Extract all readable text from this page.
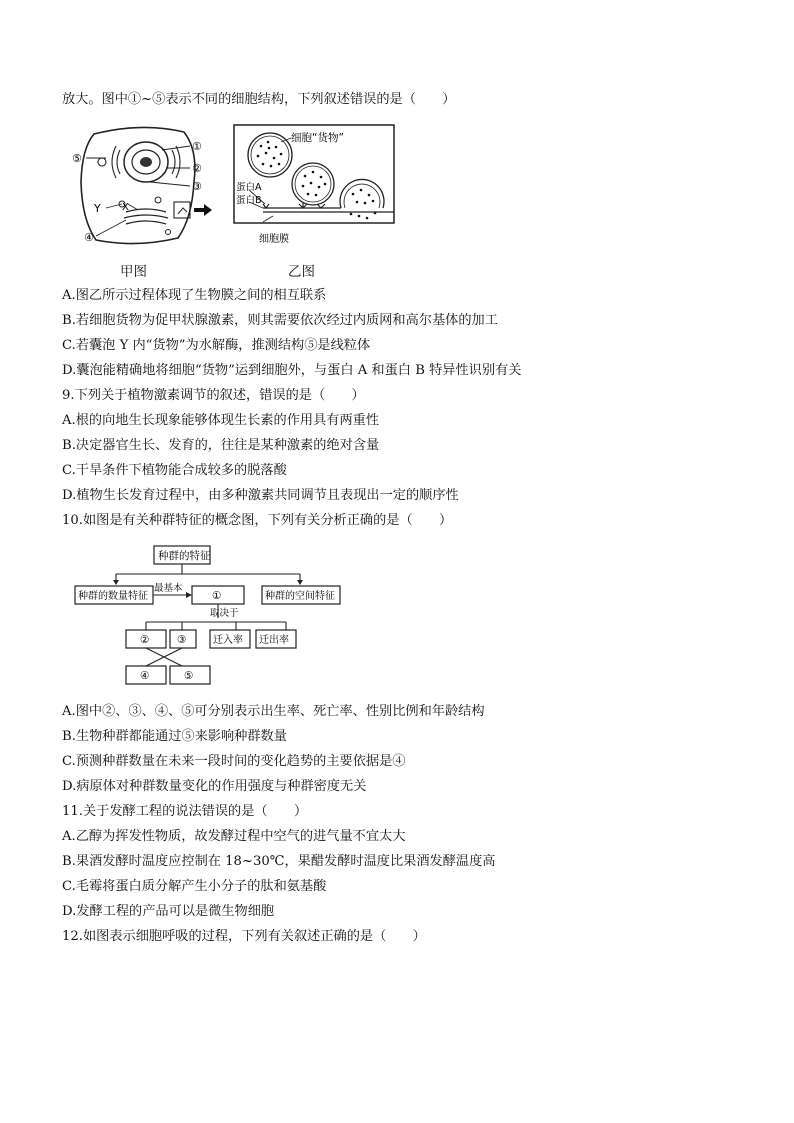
放大。图中①~⑤表示不同的细胞结构，下列叙述错误的是（　　）
①
②
③
④
⑤
Y X
甲图
细胞“货物”
蛋白A
蛋白B
细胞膜
乙图
A.图乙所示过程体现了生物膜之间的相互联系
B.若细胞货物为促甲状腺激素，则其需要依次经过内质网和高尔基体的加工
C.若囊泡 Y 内“货物”为水解酶，推测结构⑤是线粒体
D.囊泡能精确地将细胞“货物”运到细胞外，与蛋白 A 和蛋白 B 特异性识别有关
9.下列关于植物激素调节的叙述，错误的是（　　）
A.根的向地生长现象能够体现生长素的作用具有两重性
B.决定器官生长、发育的，往往是某种激素的绝对含量
C.干旱条件下植物能合成较多的脱落酸
D.植物生长发育过程中，由多种激素共同调节且表现出一定的顺序性
10.如图是有关种群特征的概念图，下列有关分析正确的是（　　）
种群的特征
种群的数量特征	种群的空间特征
①
最基本
取决于
②	③	迁入率 迁出率
④	⑤
A.图中②、③、④、⑤可分别表示出生率、死亡率、性别比例和年龄结构
B.生物种群都能通过⑤来影响种群数量
C.预测种群数量在未来一段时间的变化趋势的主要依据是④
D.病原体对种群数量变化的作用强度与种群密度无关
11.关于发酵工程的说法错误的是（　　）
A.乙醇为挥发性物质，故发酵过程中空气的进气量不宜太大
B.果酒发酵时温度应控制在 18~30℃，果醋发酵时温度比果酒发酵温度高
C.毛霉将蛋白质分解产生小分子的肽和氨基酸
D.发酵工程的产品可以是微生物细胞
12.如图表示细胞呼吸的过程，下列有关叙述正确的是（　　）
